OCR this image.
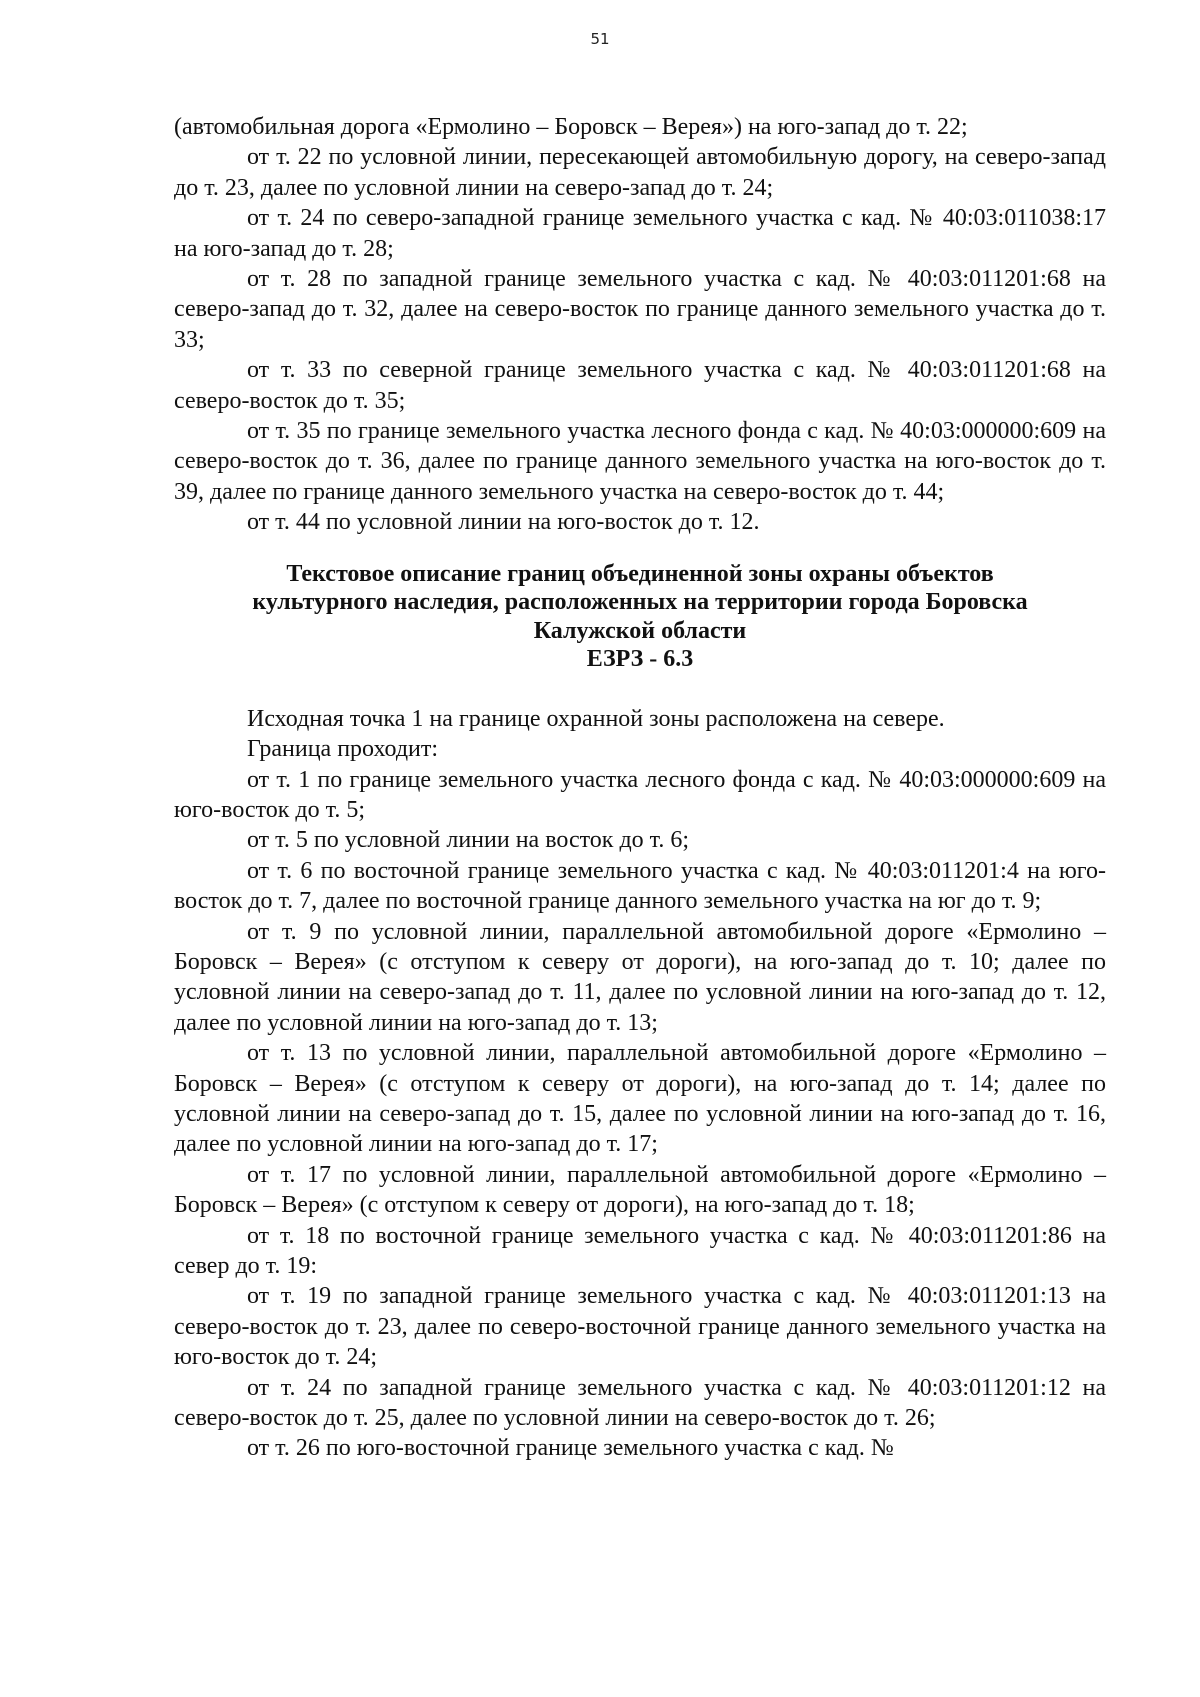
51

(автомобильная дорога «Ермолино – Боровск – Верея») на юго-запад до т. 22;

от т. 22 по условной линии, пересекающей автомобильную дорогу, на северо-запад до т. 23, далее по условной линии на северо-запад до т. 24;

от т. 24 по северо-западной границе земельного участка с кад. № 40:03:011038:17 на юго-запад до т. 28;

от т. 28 по западной границе земельного участка с кад. № 40:03:011201:68 на северо-запад до т. 32, далее на северо-восток по границе данного земельного участка до т. 33;

от т. 33 по северной границе земельного участка с кад. № 40:03:011201:68 на северо-восток до т. 35;

от т. 35 по границе земельного участка лесного фонда с кад. № 40:03:000000:609 на северо-восток до т. 36, далее по границе данного земельного участка на юго-восток до т. 39, далее по границе данного земельного участка на северо-восток до т. 44;

от т. 44 по условной линии на юго-восток до т. 12.

Текстовое описание границ объединенной зоны охраны объектов
культурного наследия, расположенных на территории города Боровска
Калужской области
ЕЗРЗ - 6.3

Исходная точка 1 на границе охранной зоны расположена на севере.

Граница проходит:

от т. 1 по границе земельного участка лесного фонда с кад. № 40:03:000000:609 на юго-восток до т. 5;

от т. 5 по условной линии на восток до т. 6;

от т. 6 по восточной границе земельного участка с кад. № 40:03:011201:4 на юго-восток до т. 7, далее по восточной границе данного земельного участка на юг до т. 9;

от т. 9 по условной линии, параллельной автомобильной дороге «Ермолино – Боровск – Верея» (с отступом к северу от дороги), на юго-запад до т. 10; далее по условной линии на северо-запад до т. 11, далее по условной линии на юго-запад до т. 12, далее по условной линии на юго-запад до т. 13;

от т. 13 по условной линии, параллельной автомобильной дороге «Ермолино – Боровск – Верея» (с отступом к северу от дороги), на юго-запад до т. 14; далее по условной линии на северо-запад до т. 15, далее по условной линии на юго-запад до т. 16, далее по условной линии на юго-запад до т. 17;

от т. 17 по условной линии, параллельной автомобильной дороге «Ермолино – Боровск – Верея» (с отступом к северу от дороги), на юго-запад до т. 18;

от т. 18 по восточной границе земельного участка с кад. № 40:03:011201:86 на север до т. 19:

от т. 19 по западной границе земельного участка с кад. № 40:03:011201:13 на северо-восток до т. 23, далее по северо-восточной границе данного земельного участка на юго-восток до т. 24;

от т. 24 по западной границе земельного участка с кад. № 40:03:011201:12 на северо-восток до т. 25, далее по условной линии на северо-восток до т. 26;

от т. 26 по юго-восточной границе земельного участка с кад. №
